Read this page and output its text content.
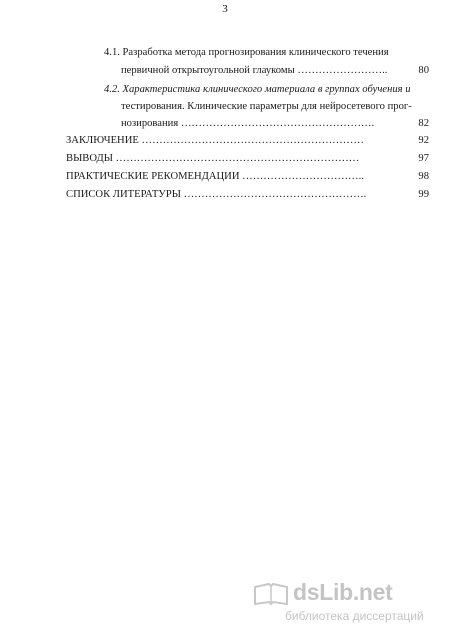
3
4.1. Разработка метода прогнозирования клинического течения
первичной открытоугольной глаукомы ……………………..	80
4.2. Характеристика клинического материала в группах обучения и
тестирования. Клинические параметры для нейросетевого прог-
нозирования ……………………………………………….	82
ЗАКЛЮЧЕНИЕ ………………………………………………………	92
ВЫВОДЫ ……………………………………………………………	97
ПРАКТИЧЕСКИЕ РЕКОМЕНДАЦИИ ……………………………..	98
СПИСОК ЛИТЕРАТУРЫ …………………………………………….	99
dsLib.net
библиотека диссертаций
